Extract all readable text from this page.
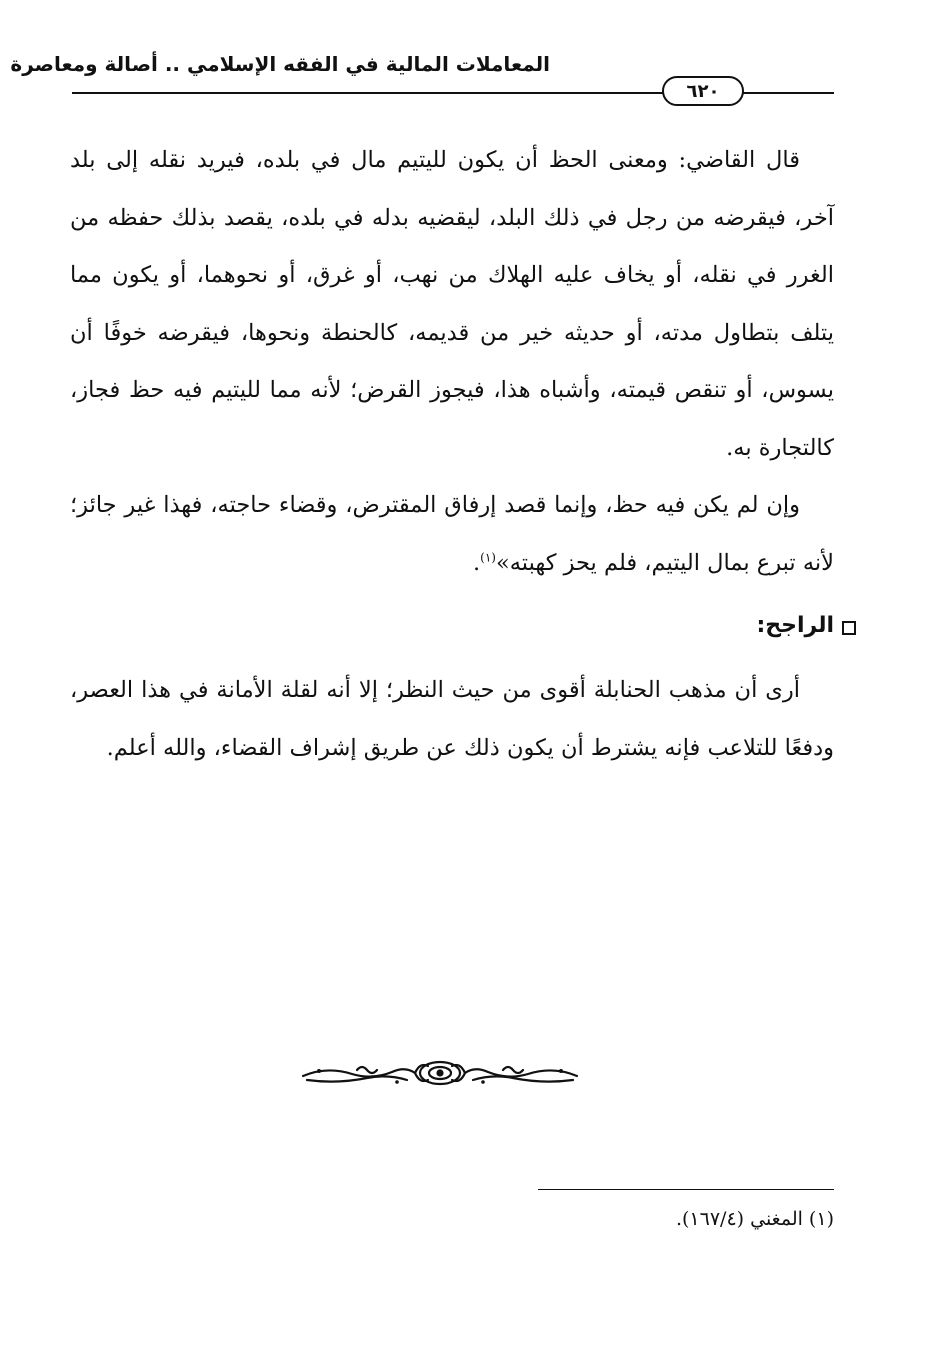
المعاملات المالية في الفقه الإسلامي .. أصالة ومعاصرة
٦٢٠

قال القاضي: ومعنى الحظ أن يكون لليتيم مال في بلده، فيريد نقله إلى بلد آخر، فيقرضه من رجل في ذلك البلد، ليقضيه بدله في بلده، يقصد بذلك حفظه من الغرر في نقله، أو يخاف عليه الهلاك من نهب، أو غرق، أو نحوهما، أو يكون مما يتلف بتطاول مدته، أو حديثه خير من قديمه، كالحنطة ونحوها، فيقرضه خوفًا أن يسوس، أو تنقص قيمته، وأشباه هذا، فيجوز القرض؛ لأنه مما لليتيم فيه حظ فجاز، كالتجارة به.

وإن لم يكن فيه حظ، وإنما قصد إرفاق المقترض، وقضاء حاجته، فهذا غير جائز؛ لأنه تبرع بمال اليتيم، فلم يحز كهبته»$^{(١)}$.

الراجح:

أرى أن مذهب الحنابلة أقوى من حيث النظر؛ إلا أنه لقلة الأمانة في هذا العصر، ودفعًا للتلاعب فإنه يشترط أن يكون ذلك عن طريق إشراف القضاء، والله أعلم.

(١) المغني (١٦٧/٤).
